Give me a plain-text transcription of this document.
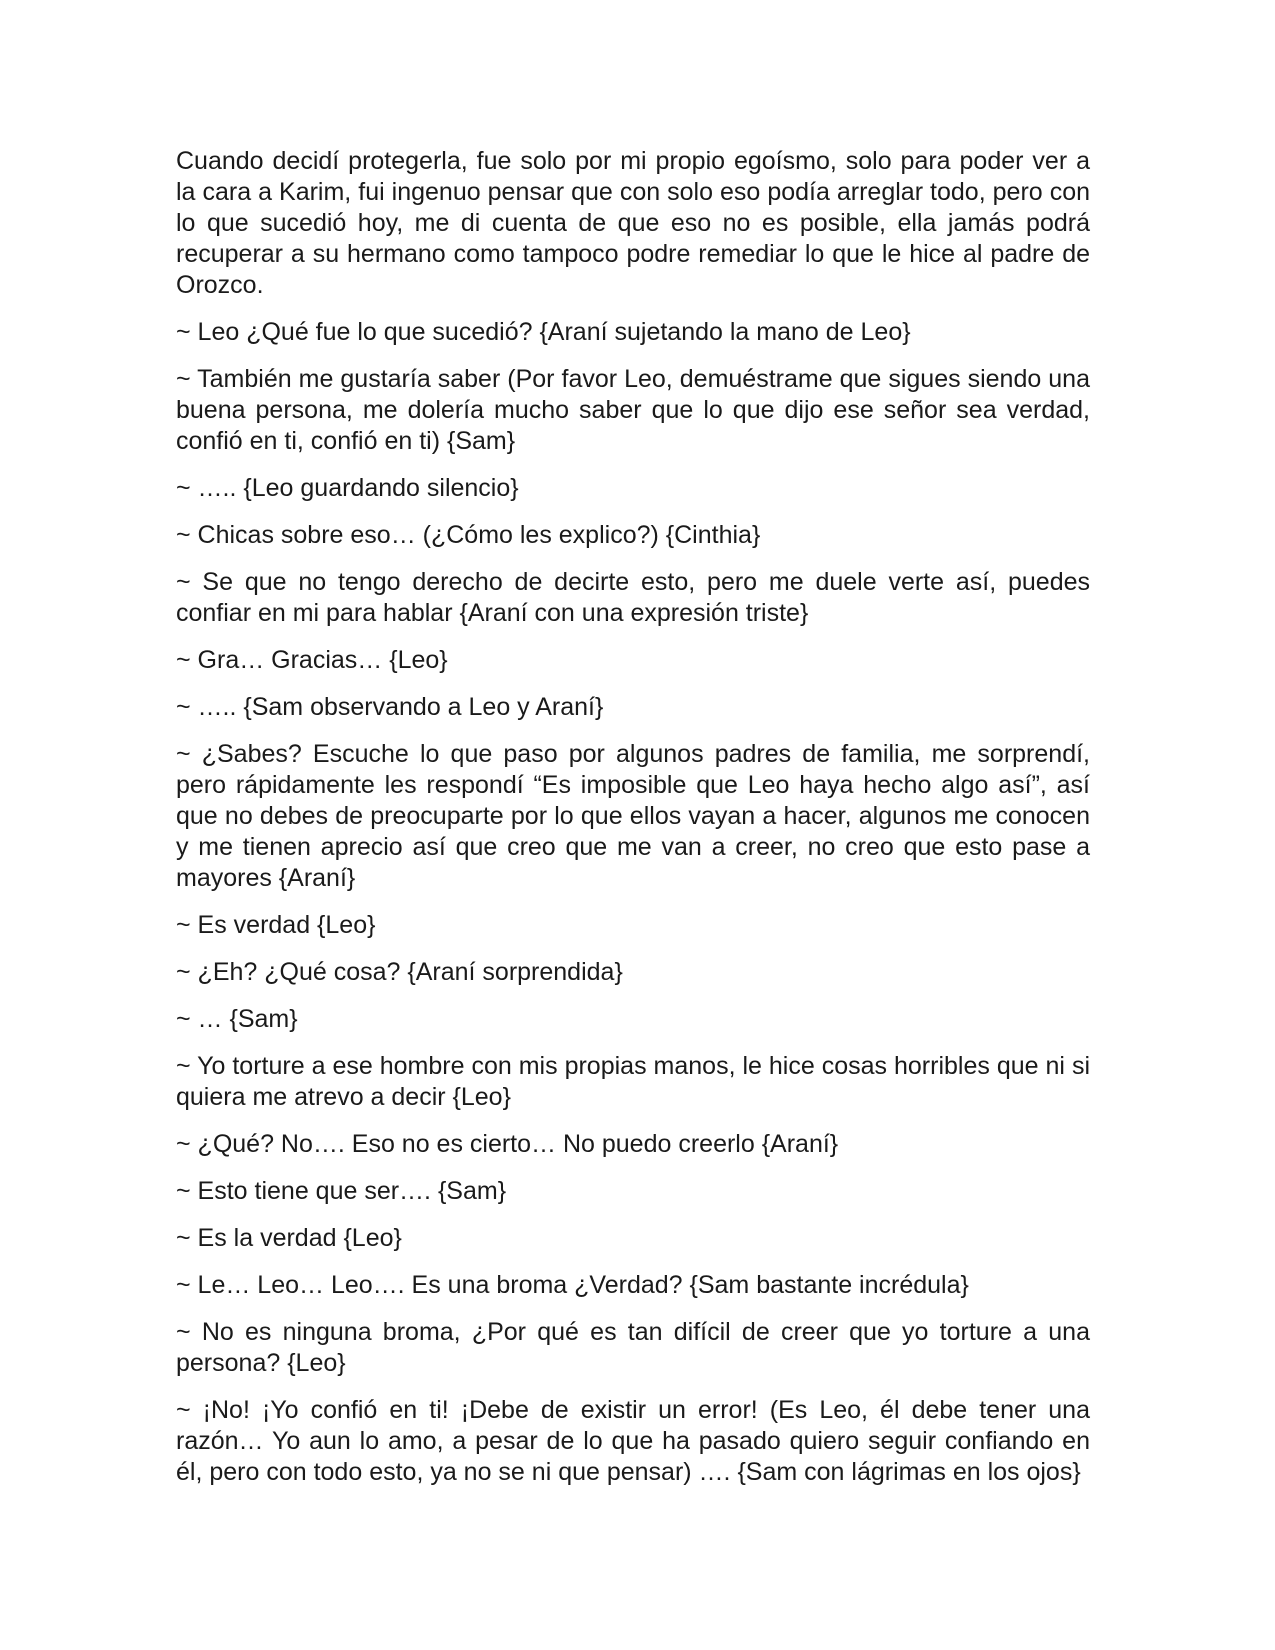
Cuando decidí protegerla, fue solo por mi propio egoísmo, solo para poder ver a la cara a Karim, fui ingenuo pensar que con solo eso podía arreglar todo, pero con lo que sucedió hoy, me di cuenta de que eso no es posible, ella jamás podrá recuperar a su hermano como tampoco podre remediar lo que le hice al padre de Orozco.

~ Leo ¿Qué fue lo que sucedió? {Araní sujetando la mano de Leo}

~ También me gustaría saber (Por favor Leo, demuéstrame que sigues siendo una buena persona, me dolería mucho saber que lo que dijo ese señor sea verdad, confió en ti, confió en ti) {Sam}

~ ….. {Leo guardando silencio}

~ Chicas sobre eso… (¿Cómo les explico?) {Cinthia}

~ Se que no tengo derecho de decirte esto, pero me duele verte así, puedes confiar en mi para hablar {Araní con una expresión triste}

~ Gra… Gracias… {Leo}

~ ….. {Sam observando a Leo y Araní}

~ ¿Sabes? Escuche lo que paso por algunos padres de familia, me sorprendí, pero rápidamente les respondí “Es imposible que Leo haya hecho algo así”, así que no debes de preocuparte por lo que ellos vayan a hacer, algunos me conocen y me tienen aprecio así que creo que me van a creer, no creo que esto pase a mayores {Araní}

~ Es verdad {Leo}

~ ¿Eh? ¿Qué cosa? {Araní sorprendida}

~ … {Sam}

~ Yo torture a ese hombre con mis propias manos, le hice cosas horribles que ni si quiera me atrevo a decir {Leo}

~ ¿Qué? No…. Eso no es cierto… No puedo creerlo {Araní}

~ Esto tiene que ser…. {Sam}

~ Es la verdad {Leo}

~ Le… Leo… Leo…. Es una broma ¿Verdad? {Sam bastante incrédula}

~ No es ninguna broma, ¿Por qué es tan difícil de creer que yo torture a una persona? {Leo}

~ ¡No! ¡Yo confió en ti! ¡Debe de existir un error! (Es Leo, él debe tener una razón… Yo aun lo amo, a pesar de lo que ha pasado quiero seguir confiando en él, pero con todo esto, ya no se ni que pensar) …. {Sam con lágrimas en los ojos}
